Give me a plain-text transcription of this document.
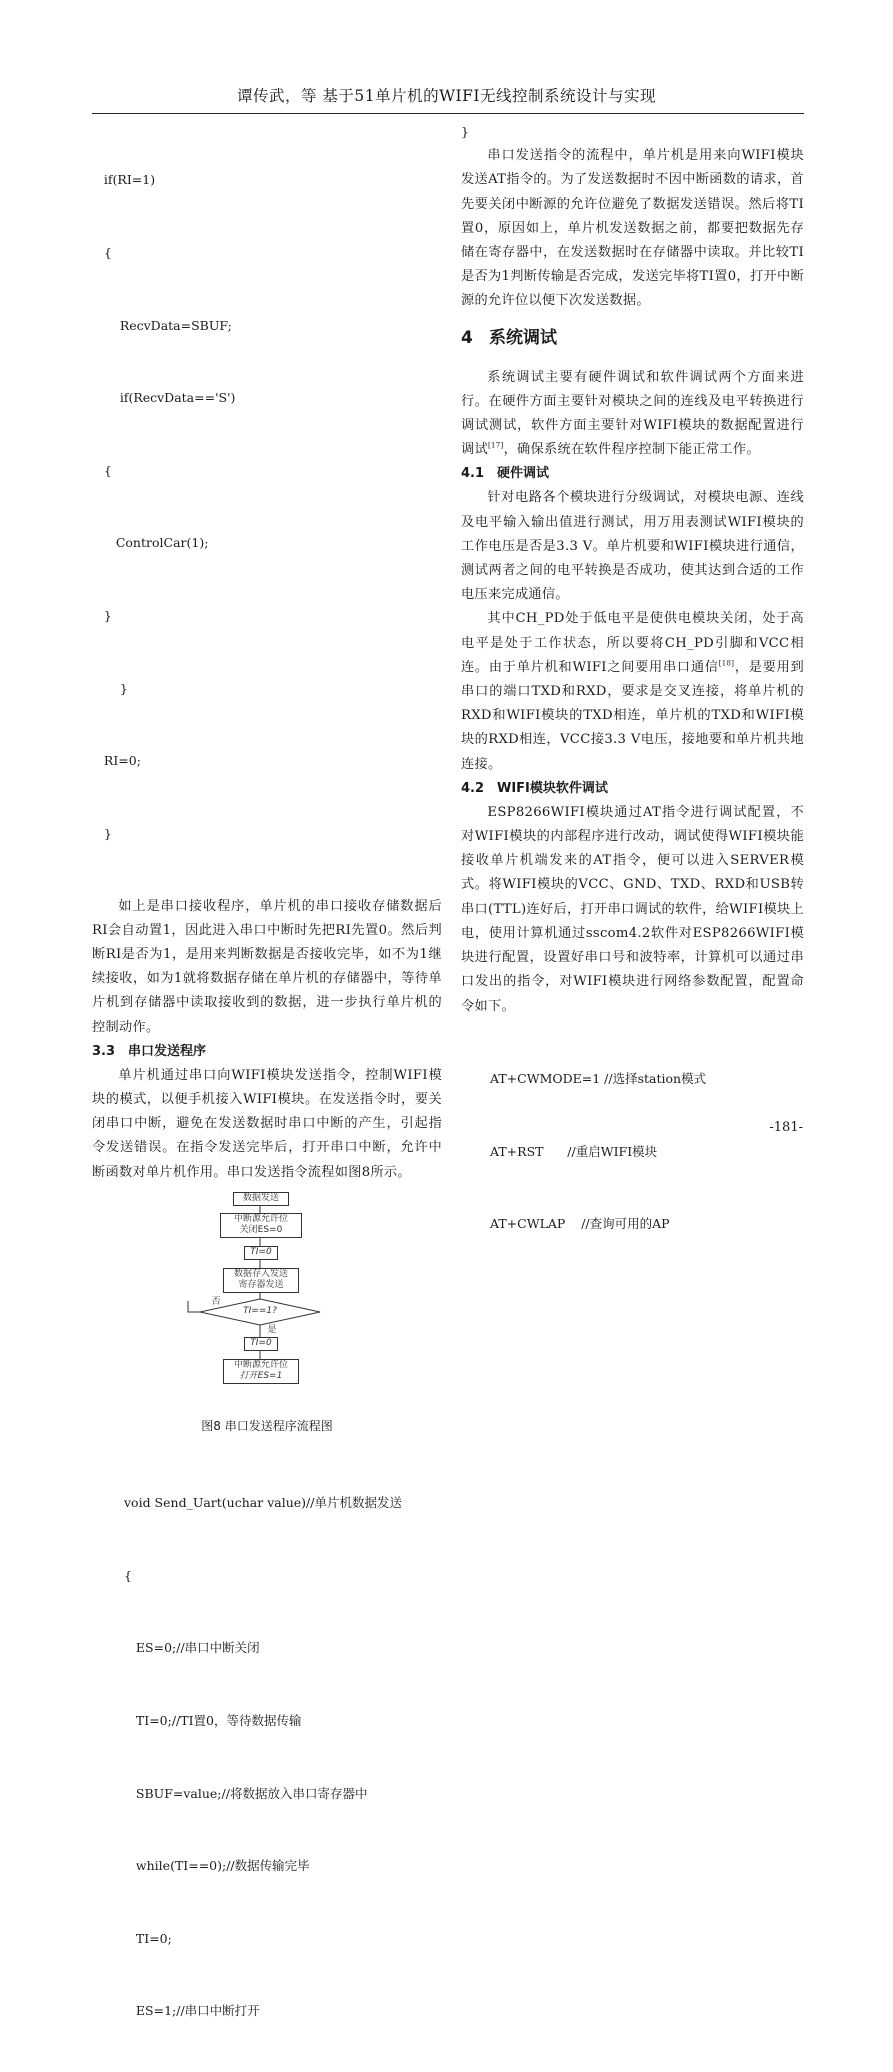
谭传武，等 基于51单片机的WIFI无线控制系统设计与实现

if(RI=1)

{

RecvData=SBUF;

if(RecvData=='S')

{

ControlCar(1);

}

}

RI=0;

}

如上是串口接收程序，单片机的串口接收存储数据后RI会自动置1，因此进入串口中断时先把RI先置0。然后判断RI是否为1，是用来判断数据是否接收完毕，如不为1继续接收，如为1就将数据存储在单片机的存储器中，等待单片机到存储器中读取接收到的数据，进一步执行单片机的控制动作。

3.3 串口发送程序

单片机通过串口向WIFI模块发送指令，控制WIFI模块的模式，以便手机接入WIFI模块。在发送指令时，要关闭串口中断，避免在发送数据时串口中断的产生，引起指令发送错误。在指令发送完毕后，打开串口中断，允许中断函数对单片机作用。串口发送指令流程如图8所示。

数据发送
中断源允许位
关闭ES=0
TI=0
数据存入发送
寄存器发送
TI==1?
否
是
TI=0
中断源允许位
打开ES=1
图8 串口发送程序流程图

void Send_Uart(uchar value)//单片机数据发送

{

ES=0;//串口中断关闭

TI=0;//TI置0，等待数据传输

SBUF=value;//将数据放入串口寄存器中

while(TI==0);//数据传输完毕

TI=0;

ES=1;//串口中断打开

}

串口发送指令的流程中，单片机是用来向WIFI模块发送AT指令的。为了发送数据时不因中断函数的请求，首先要关闭中断源的允许位避免了数据发送错误。然后将TI置0，原因如上，单片机发送数据之前，都要把数据先存储在寄存器中，在发送数据时在存储器中读取。并比较TI是否为1判断传输是否完成，发送完毕将TI置0，打开中断源的允许位以便下次发送数据。

4 系统调试

系统调试主要有硬件调试和软件调试两个方面来进行。在硬件方面主要针对模块之间的连线及电平转换进行调试测试，软件方面主要针对WIFI模块的数据配置进行调试[17]，确保系统在软件程序控制下能正常工作。

4.1 硬件调试

针对电路各个模块进行分级调试，对模块电源、连线及电平输入输出值进行测试，用万用表测试WIFI模块的工作电压是否是3.3 V。单片机要和WIFI模块进行通信，测试两者之间的电平转换是否成功，使其达到合适的工作电压来完成通信。

其中CH_PD处于低电平是使供电模块关闭，处于高电平是处于工作状态，所以要将CH_PD引脚和VCC相连。由于单片机和WIFI之间要用串口通信[18]，是要用到串口的端口TXD和RXD，要求是交叉连接，将单片机的RXD和WIFI模块的TXD相连，单片机的TXD和WIFI模块的RXD相连，VCC接3.3 V电压，接地要和单片机共地连接。

4.2 WIFI模块软件调试

ESP8266WIFI模块通过AT指令进行调试配置，不对WIFI模块的内部程序进行改动，调试使得WIFI模块能接收单片机端发来的AT指令，便可以进入SERVER模式。将WIFI模块的VCC、GND、TXD、RXD和USB转串口(TTL)连好后，打开串口调试的软件，给WIFI模块上电，使用计算机通过sscom4.2软件对ESP8266WIFI模块进行配置，设置好串口号和波特率，计算机可以通过串口发出的指令，对WIFI模块进行网络参数配置，配置命令如下。

AT+CWMODE=1 //选择station模式

AT+RST      //重启WIFI模块

AT+CWLAP    //查询可用的AP

-181-
